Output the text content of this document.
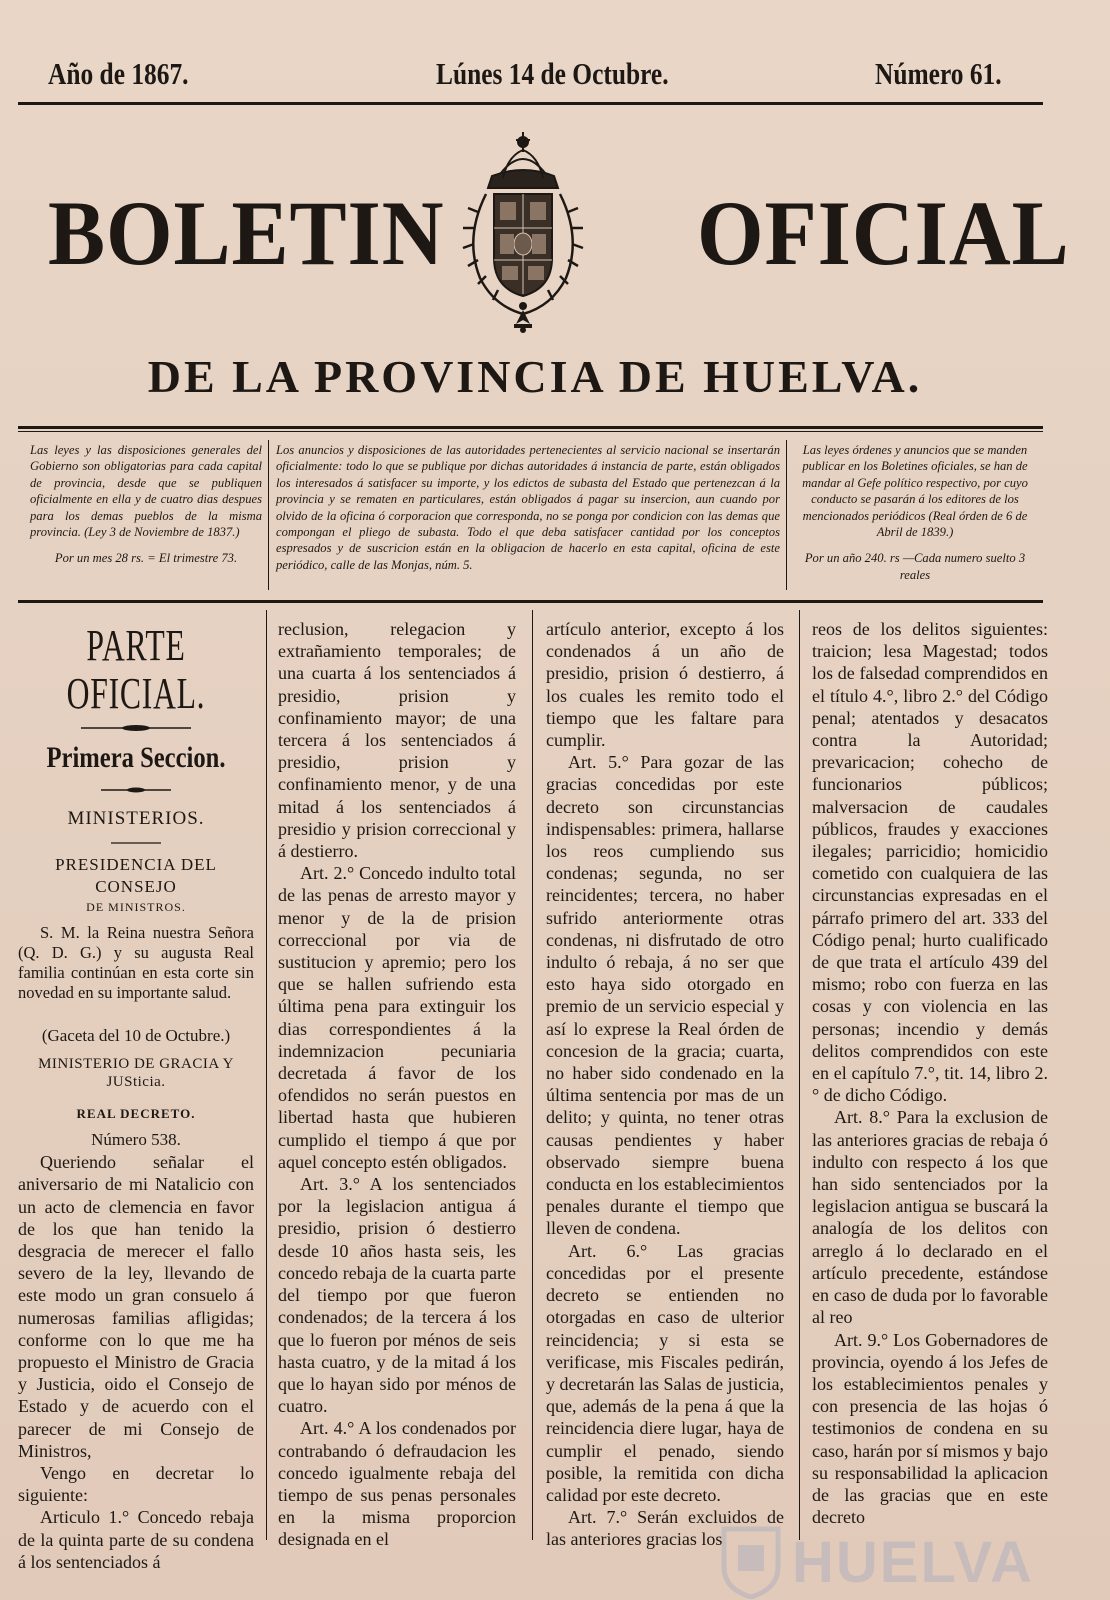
Año de 1867.	Lúnes 14 de Octubre.	Número 61.
BOLETIN	OFICIAL
DE LA PROVINCIA DE HUELVA.
Las leyes y las disposiciones generales del Gobierno son obligatorias para cada capital de provincia, desde que se publiquen oficialmente en ella y de cuatro dias despues para los demas pueblos de la misma provincia. (Ley 3 de Noviembre de 1837.)
Por un mes 28 rs. = El trimestre 73.
Los anuncios y disposiciones de las autoridades pertenecientes al servicio nacional se insertarán oficialmente: todo lo que se publique por dichas autoridades á instancia de parte, están obligados los interesados á satisfacer su importe, y los edictos de subasta del Estado que pertenezcan á la provincia y se rematen en particulares, están obligados á pagar su insercion, aun cuando por olvido de la oficina ó corporacion que corresponda, no se ponga por condicion con las demas que compongan el pliego de subasta. Todo el que deba satisfacer cantidad por los conceptos espresados y de suscricion están en la obligacion de hacerlo en esta capital, oficina de este periódico, calle de las Monjas, núm. 5.
Las leyes órdenes y anuncios que se manden publicar en los Boletines oficiales, se han de mandar al Gefe político respectivo, por cuyo conducto se pasarán á los editores de los mencionados periódicos (Real órden de 6 de Abril de 1839.)
Por un año 240. rs —Cada numero suelto 3 reales

PARTE OFICIAL.

Primera Seccion.

MINISTERIOS.

PRESIDENCIA DEL CONSEJO

DE MINISTROS.

S. M. la Reina nuestra Señora (Q. D. G.) y su augusta Real familia continúan en esta corte sin novedad en su importante salud.

(Gaceta del 10 de Octubre.)

MINISTERIO DE GRACIA Y JUSticia.

REAL DECRETO.

Número 538.

Queriendo señalar el aniversario de mi Natalicio con un acto de clemencia en favor de los que han tenido la desgracia de merecer el fallo severo de la ley, llevando de este modo un gran consuelo á numerosas familias afligidas; conforme con lo que me ha propuesto el Ministro de Gracia y Justicia, oido el Consejo de Estado y de acuerdo con el parecer de mi Consejo de Ministros,

Vengo en decretar lo siguiente:

Articulo 1.° Concedo rebaja de la quinta parte de su condena á los sentenciados á

reclusion, relegacion y extrañamiento temporales; de una cuarta á los sentenciados á presidio, prision y confinamiento mayor; de una tercera á los sentenciados á presidio, prision y confinamiento menor, y de una mitad á los sentenciados á presidio y prision correccional y á destierro.

Art. 2.° Concedo indulto total de las penas de arresto mayor y menor y de la de prision correccional por via de sustitucion y apremio; pero los que se hallen sufriendo esta última pena para extinguir los dias correspondientes á la indemnizacion pecuniaria decretada á favor de los ofendidos no serán puestos en libertad hasta que hubieren cumplido el tiempo á que por aquel concepto estén obligados.

Art. 3.° A los sentenciados por la legislacion antigua á presidio, prision ó destierro desde 10 años hasta seis, les concedo rebaja de la cuarta parte del tiempo por que fueron condenados; de la tercera á los que lo fueron por ménos de seis hasta cuatro, y de la mitad á los que lo hayan sido por ménos de cuatro.

Art. 4.° A los condenados por contrabando ó defraudacion les concedo igualmente rebaja del tiempo de sus penas personales en la misma proporcion designada en el

artículo anterior, excepto á los condenados á un año de presidio, prision ó destierro, á los cuales les remito todo el tiempo que les faltare para cumplir.

Art. 5.° Para gozar de las gracias concedidas por este decreto son circunstancias indispensables: primera, hallarse los reos cumpliendo sus condenas; segunda, no ser reincidentes; tercera, no haber sufrido anteriormente otras condenas, ni disfrutado de otro indulto ó rebaja, á no ser que esto haya sido otorgado en premio de un servicio especial y así lo exprese la Real órden de concesion de la gracia; cuarta, no haber sido condenado en la última sentencia por mas de un delito; y quinta, no tener otras causas pendientes y haber observado siempre buena conducta en los establecimientos penales durante el tiempo que lleven de condena.

Art. 6.° Las gracias concedidas por el presente decreto se entienden no otorgadas en caso de ulterior reincidencia; y si esta se verificase, mis Fiscales pedirán, y decretarán las Salas de justicia, que, además de la pena á que la reincidencia diere lugar, haya de cumplir el penado, siendo posible, la remitida con dicha calidad por este decreto.

Art. 7.° Serán excluidos de las anteriores gracias los

reos de los delitos siguientes: traicion; lesa Magestad; todos los de falsedad comprendidos en el título 4.°, libro 2.° del Código penal; atentados y desacatos contra la Autoridad; prevaricacion; cohecho de funcionarios públicos; malversacion de caudales públicos, fraudes y exacciones ilegales; parricidio; homicidio cometido con cualquiera de las circunstancias expresadas en el párrafo primero del art. 333 del Código penal; hurto cualificado de que trata el artículo 439 del mismo; robo con fuerza en las cosas y con violencia en las personas; incendio y demás delitos comprendidos con este en el capítulo 7.°, tit. 14, libro 2.° de dicho Código.

Art. 8.° Para la exclusion de las anteriores gracias de rebaja ó indulto con respecto á los que han sido sentenciados por la legislacion antigua se buscará la analogía de los delitos con arreglo á lo declarado en el artículo precedente, estándose en caso de duda por lo favorable al reo

Art. 9.° Los Gobernadores de provincia, oyendo á los Jefes de los establecimientos penales y con presencia de las hojas ó testimonios de condena en su caso, harán por sí mismos y bajo su responsabilidad la aplicacion de las gracias que en este decreto

HUELVA
